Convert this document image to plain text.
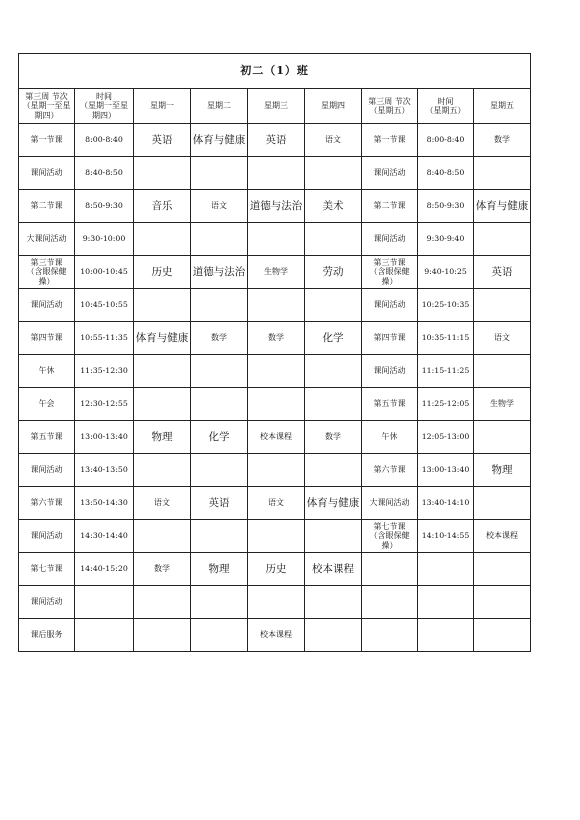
初二（1）班								
第三周 节次
（星期一至星
期四）	时间
（星期一至星
期四）	星期一	星期二	星期三	星期四	第三周 节次
（星期五）	时间
（星期五）	星期五
第一节课	8:00-8:40	英语	体育与健康	英语	语文	第一节课	8:00-8:40	数学
课间活动	8:40-8:50					课间活动	8:40-8:50	
第二节课	8:50-9:30	音乐	语文	道德与法治	美术	第二节课	8:50-9:30	体育与健康
大课间活动	9:30-10:00					课间活动	9:30-9:40	
第三节课
（含眼保健
操）	10:00-10:45	历史	道德与法治	生物学	劳动	第三节课
（含眼保健
操）	9:40-10:25	英语
课间活动	10:45-10:55					课间活动	10:25-10:35	
第四节课	10:55-11:35	体育与健康	数学	数学	化学	第四节课	10:35-11:15	语文
午休	11:35-12:30					课间活动	11:15-11:25	
午会	12:30-12:55					第五节课	11:25-12:05	生物学
第五节课	13:00-13:40	物理	化学	校本课程	数学	午休	12:05-13:00	
课间活动	13:40-13:50					第六节课	13:00-13:40	物理
第六节课	13:50-14:30	语文	英语	语文	体育与健康	大课间活动	13:40-14:10	
课间活动	14:30-14:40					第七节课
（含眼保健
操）	14:10-14:55	校本课程
第七节课	14:40-15:20	数学	物理	历史	校本课程			
课间活动								
课后服务				校本课程				
